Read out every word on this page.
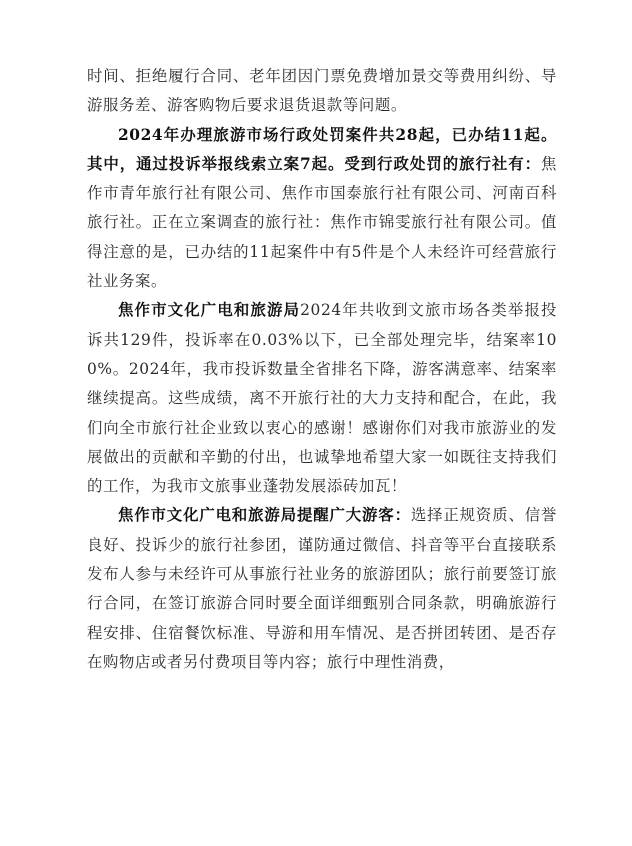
时间、拒绝履行合同、老年团因门票免费增加景交等费用纠纷、导游服务差、游客购物后要求退货退款等问题。

2024年办理旅游市场行政处罚案件共28起，已办结11起。其中，通过投诉举报线索立案7起。受到行政处罚的旅行社有：焦作市青年旅行社有限公司、焦作市国泰旅行社有限公司、河南百科旅行社。正在立案调查的旅行社：焦作市锦雯旅行社有限公司。值得注意的是，已办结的11起案件中有5件是个人未经许可经营旅行社业务案。

焦作市文化广电和旅游局2024年共收到文旅市场各类举报投诉共129件，投诉率在0.03%以下，已全部处理完毕，结案率100%。2024年，我市投诉数量全省排名下降，游客满意率、结案率继续提高。这些成绩，离不开旅行社的大力支持和配合，在此，我们向全市旅行社企业致以衷心的感谢！感谢你们对我市旅游业的发展做出的贡献和辛勤的付出，也诚挚地希望大家一如既往支持我们的工作，为我市文旅事业蓬勃发展添砖加瓦！

焦作市文化广电和旅游局提醒广大游客：选择正规资质、信誉良好、投诉少的旅行社参团，谨防通过微信、抖音等平台直接联系发布人参与未经许可从事旅行社业务的旅游团队；旅行前要签订旅行合同，在签订旅游合同时要全面详细甄别合同条款，明确旅游行程安排、住宿餐饮标准、导游和用车情况、是否拼团转团、是否存在购物店或者另付费项目等内容；旅行中理性消费，
